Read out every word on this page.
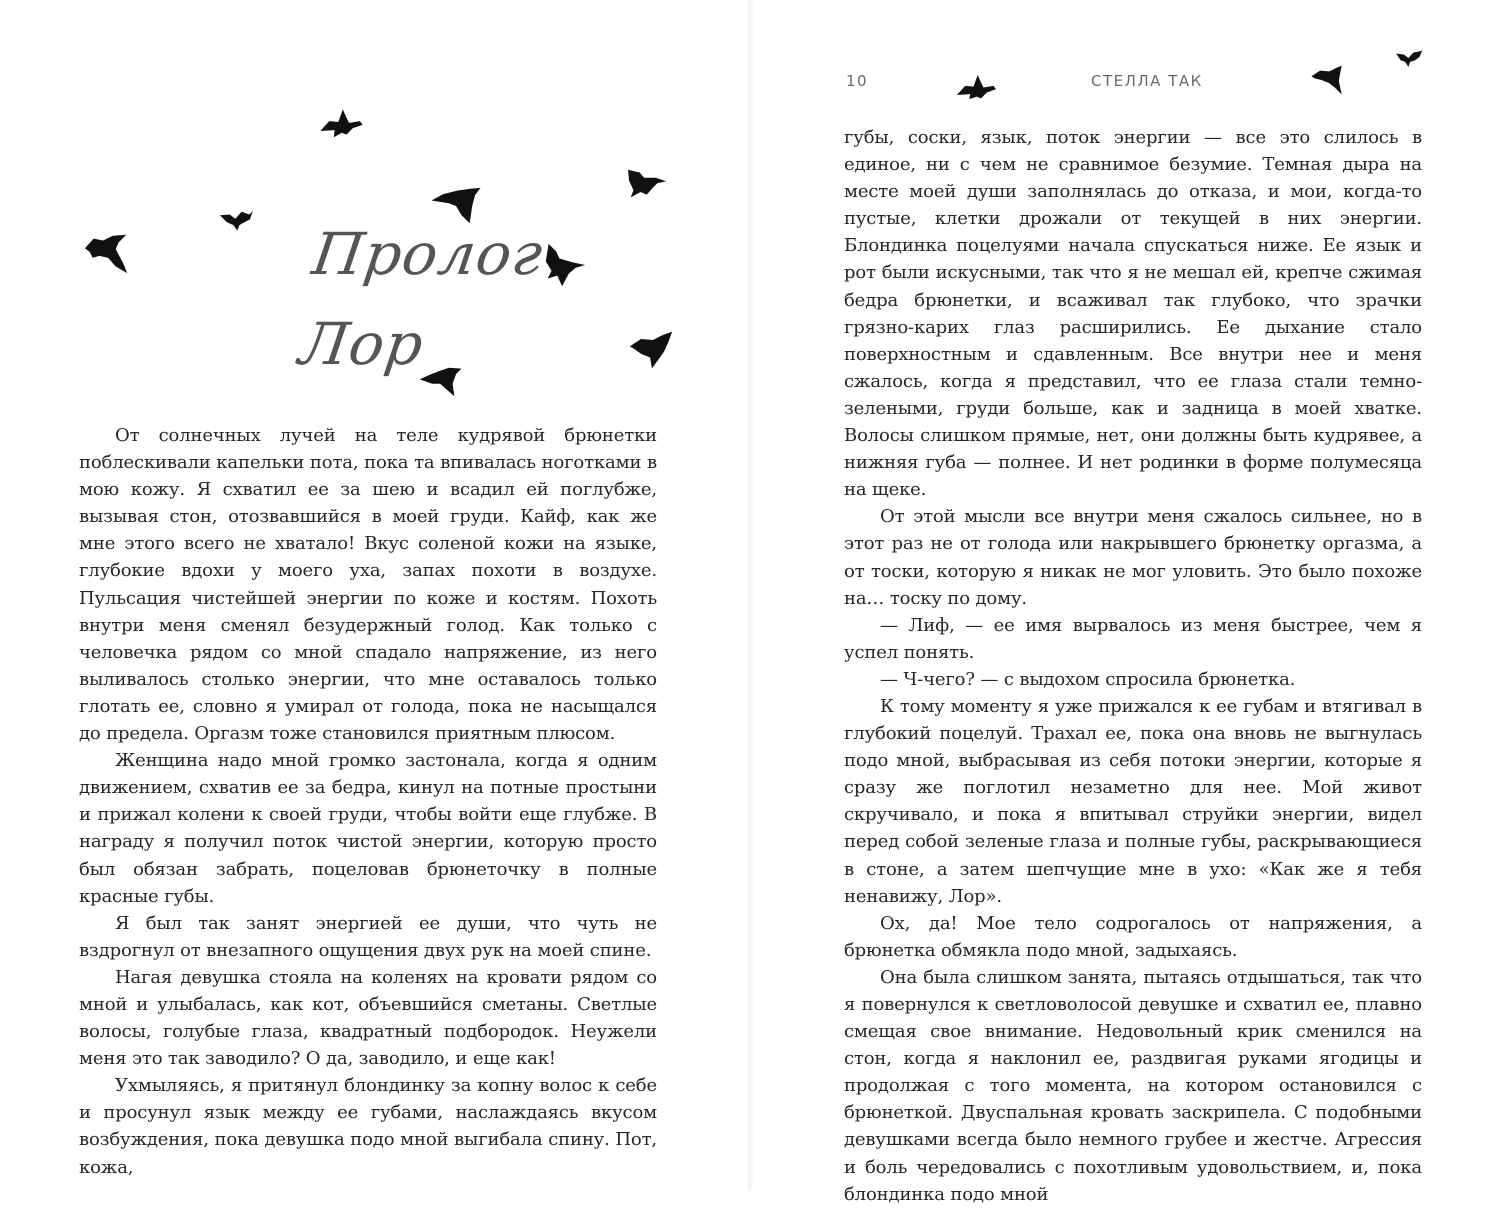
Пролог
Лор

От солнечных лучей на теле кудрявой брюнетки поблескивали капельки пота, пока та впивалась ноготками в мою кожу. Я схватил ее за шею и всадил ей поглубже, вызывая стон, отозвавшийся в моей груди. Кайф, как же мне этого всего не хватало! Вкус соленой кожи на языке, глубокие вдохи у моего уха, запах похоти в воздухе. Пульсация чистейшей энергии по коже и костям. Похоть внутри меня сменял безудержный голод. Как только с человечка рядом со мной спадало напряжение, из него выливалось столько энергии, что мне оставалось только глотать ее, словно я умирал от голода, пока не насыщался до предела. Оргазм тоже становился приятным плюсом.

Женщина надо мной громко застонала, когда я одним движением, схватив ее за бедра, кинул на потные простыни и прижал колени к своей груди, чтобы войти еще глубже. В награду я получил поток чистой энергии, которую просто был обязан забрать, поцеловав брюнеточку в полные красные губы.

Я был так занят энергией ее души, что чуть не вздрогнул от внезапного ощущения двух рук на моей спине.

Нагая девушка стояла на коленях на кровати рядом со мной и улыбалась, как кот, объевшийся сметаны. Светлые волосы, голубые глаза, квадратный подбородок. Неужели меня это так заводило? О да, заводило, и еще как!

Ухмыляясь, я притянул блондинку за копну волос к себе и просунул язык между ее губами, наслаждаясь вкусом возбуждения, пока девушка подо мной выгибала спину. Пот, кожа,

10	СТЕЛЛА ТАК

губы, соски, язык, поток энергии — все это слилось в единое, ни с чем не сравнимое безумие. Темная дыра на месте моей души заполнялась до отказа, и мои, когда-то пустые, клетки дрожали от текущей в них энергии. Блондинка поцелуями начала спускаться ниже. Ее язык и рот были искусными, так что я не мешал ей, крепче сжимая бедра брюнетки, и всаживал так глубоко, что зрачки грязно-карих глаз расширились. Ее дыхание стало поверхностным и сдавленным. Все внутри нее и меня сжалось, когда я представил, что ее глаза стали темно-зелеными, груди больше, как и задница в моей хватке. Волосы слишком прямые, нет, они должны быть кудрявее, а нижняя губа — полнее. И нет родинки в форме полумесяца на щеке.

От этой мысли все внутри меня сжалось сильнее, но в этот раз не от голода или накрывшего брюнетку оргазма, а от тоски, которую я никак не мог уловить. Это было похоже на… тоску по дому.

— Лиф, — ее имя вырвалось из меня быстрее, чем я успел понять.

— Ч-чего? — с выдохом спросила брюнетка.

К тому моменту я уже прижался к ее губам и втягивал в глубокий поцелуй. Трахал ее, пока она вновь не выгнулась подо мной, выбрасывая из себя потоки энергии, которые я сразу же поглотил незаметно для нее. Мой живот скручивало, и пока я впитывал струйки энергии, видел перед собой зеленые глаза и полные губы, раскрывающиеся в стоне, а затем шепчущие мне в ухо: «Как же я тебя ненавижу, Лор».

Ох, да! Мое тело содрогалось от напряжения, а брюнетка обмякла подо мной, задыхаясь.

Она была слишком занята, пытаясь отдышаться, так что я повернулся к светловолосой девушке и схватил ее, плавно смещая свое внимание. Недовольный крик сменился на стон, когда я наклонил ее, раздвигая руками ягодицы и продолжая с того момента, на котором остановился с брюнеткой. Двуспальная кровать заскрипела. С подобными девушками всегда было немного грубее и жестче. Агрессия и боль чередовались с похотливым удовольствием, и, пока блондинка подо мной
